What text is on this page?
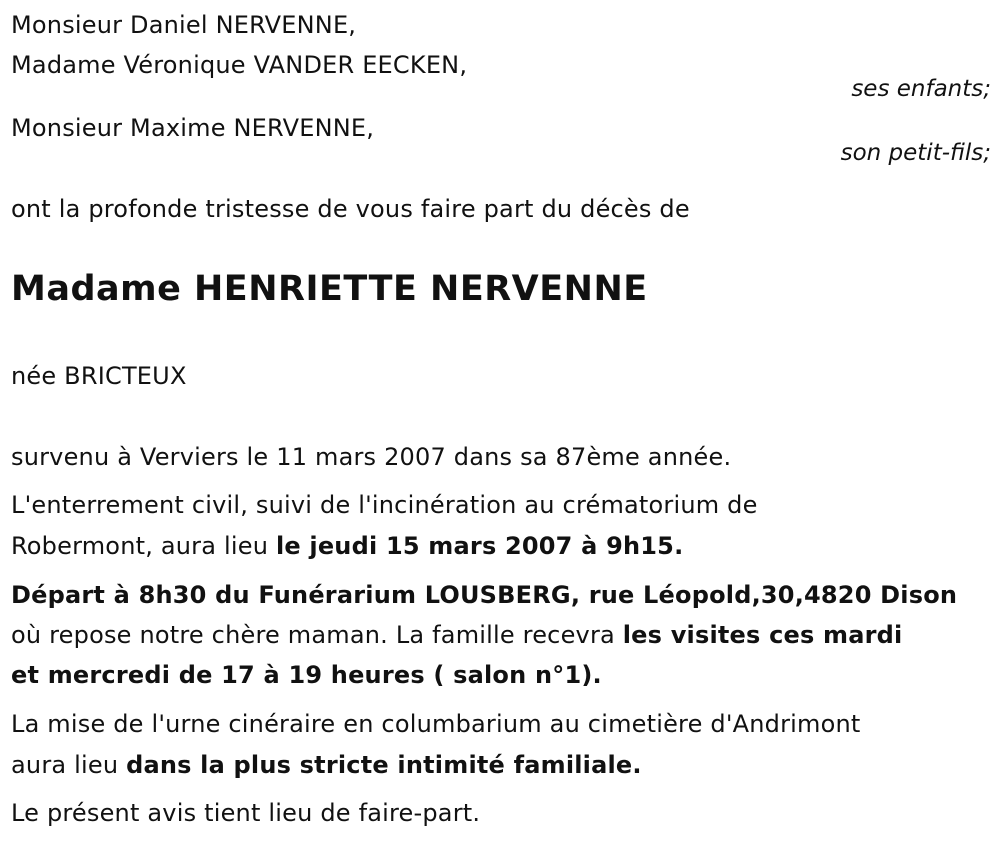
Monsieur Daniel NERVENNE,
Madame Véronique VANDER EECKEN,
ses enfants;
Monsieur Maxime NERVENNE,
son petit-fils;
ont la profonde tristesse de vous faire part du décès de
Madame HENRIETTE NERVENNE
née BRICTEUX
survenu à Verviers le 11 mars 2007 dans sa 87ème année.
L'enterrement civil, suivi de l'incinération au crématorium de
Robermont, aura lieu le jeudi 15 mars 2007 à 9h15.
Départ à 8h30 du Funérarium LOUSBERG, rue Léopold,30,4820 Dison
où repose notre chère maman. La famille recevra les visites ces mardi
et mercredi de 17 à 19 heures ( salon n°1).
La mise de l'urne cinéraire en columbarium au cimetière d'Andrimont
aura lieu dans la plus stricte intimité familiale.
Le présent avis tient lieu de faire-part.
